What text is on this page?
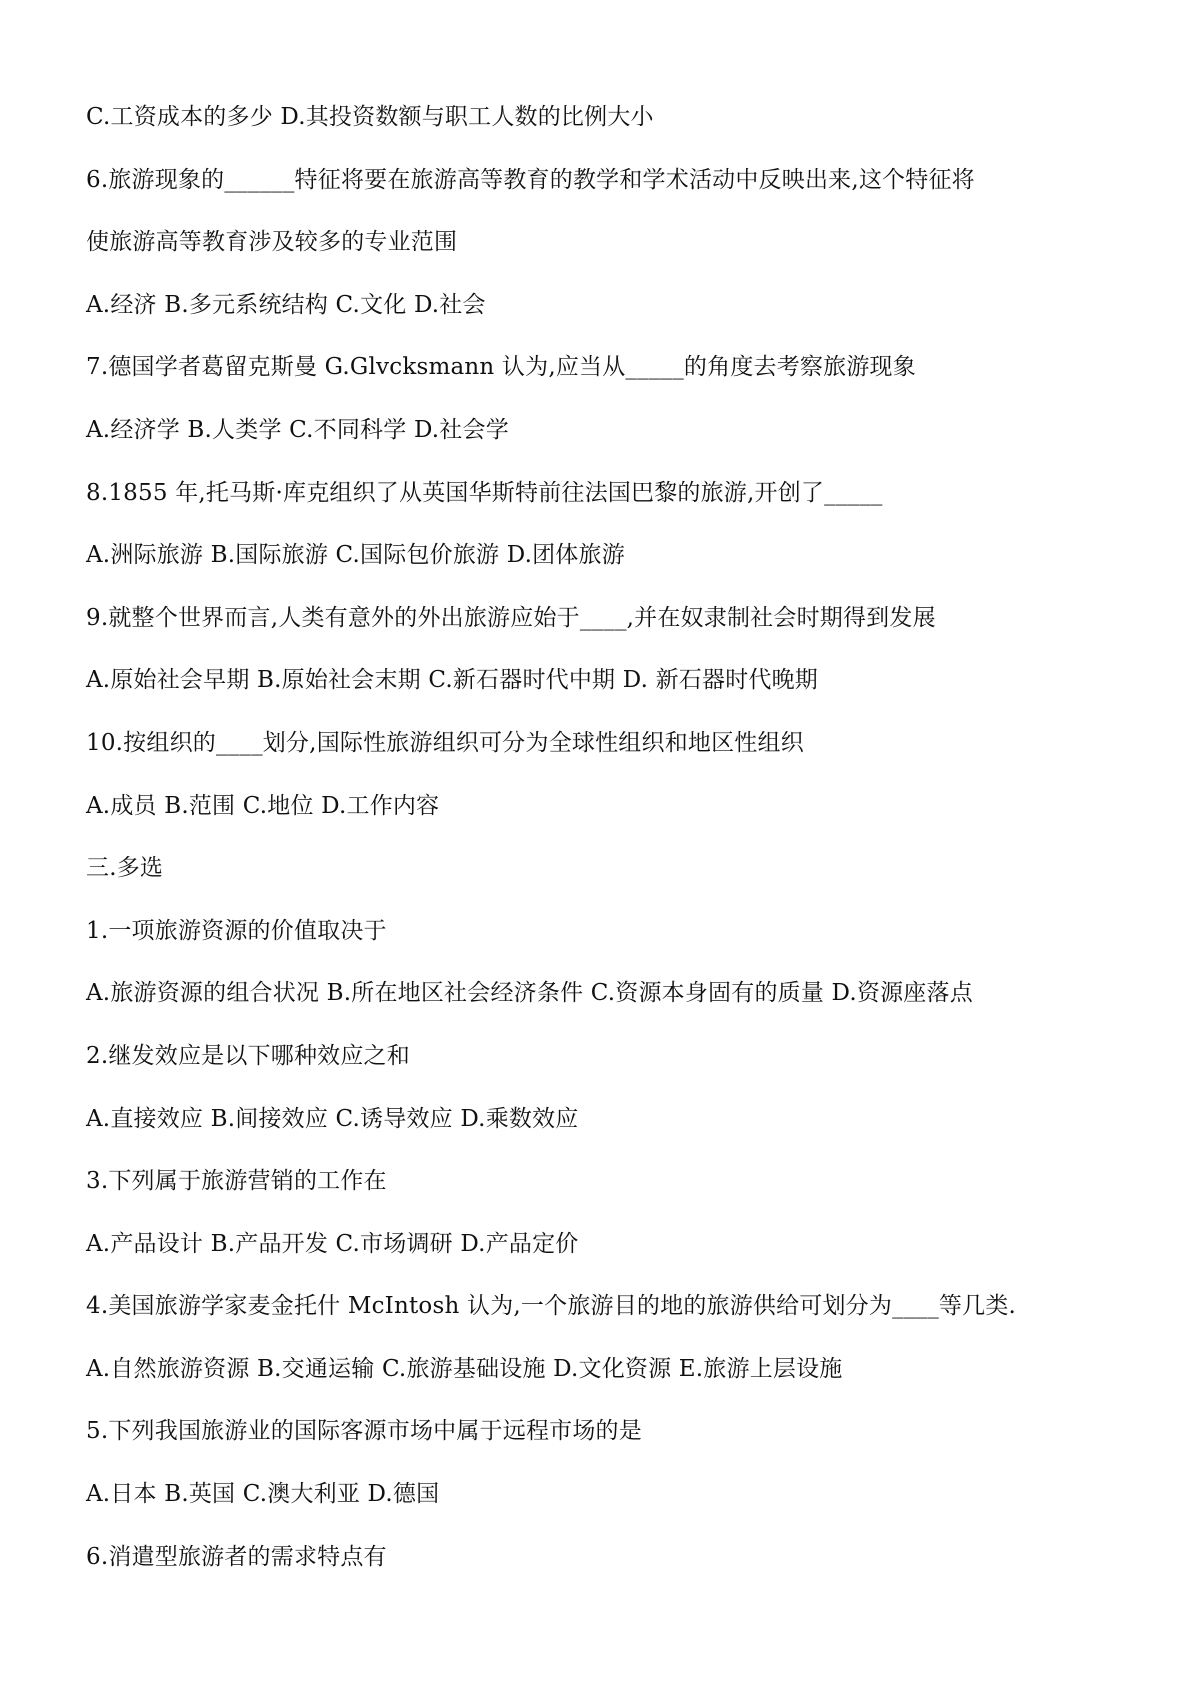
C.工资成本的多少 D.其投资数额与职工人数的比例大小

6.旅游现象的______特征将要在旅游高等教育的教学和学术活动中反映出来,这个特征将

使旅游高等教育涉及较多的专业范围

A.经济 B.多元系统结构 C.文化 D.社会

7.德国学者葛留克斯曼 G.Glvcksmann 认为,应当从_____的角度去考察旅游现象

A.经济学 B.人类学 C.不同科学 D.社会学

8.1855 年,托马斯·库克组织了从英国华斯特前往法国巴黎的旅游,开创了_____

A.洲际旅游 B.国际旅游 C.国际包价旅游 D.团体旅游

9.就整个世界而言,人类有意外的外出旅游应始于____,并在奴隶制社会时期得到发展

A.原始社会早期 B.原始社会末期 C.新石器时代中期 D. 新石器时代晚期

10.按组织的____划分,国际性旅游组织可分为全球性组织和地区性组织

A.成员 B.范围 C.地位 D.工作内容

三.多选

1.一项旅游资源的价值取决于

A.旅游资源的组合状况 B.所在地区社会经济条件 C.资源本身固有的质量 D.资源座落点

2.继发效应是以下哪种效应之和

A.直接效应 B.间接效应 C.诱导效应 D.乘数效应

3.下列属于旅游营销的工作在

A.产品设计 B.产品开发 C.市场调研 D.产品定价

4.美国旅游学家麦金托什 McIntosh 认为,一个旅游目的地的旅游供给可划分为____等几类.

A.自然旅游资源 B.交通运输 C.旅游基础设施 D.文化资源 E.旅游上层设施

5.下列我国旅游业的国际客源市场中属于远程市场的是

A.日本 B.英国 C.澳大利亚 D.德国

6.消遣型旅游者的需求特点有
